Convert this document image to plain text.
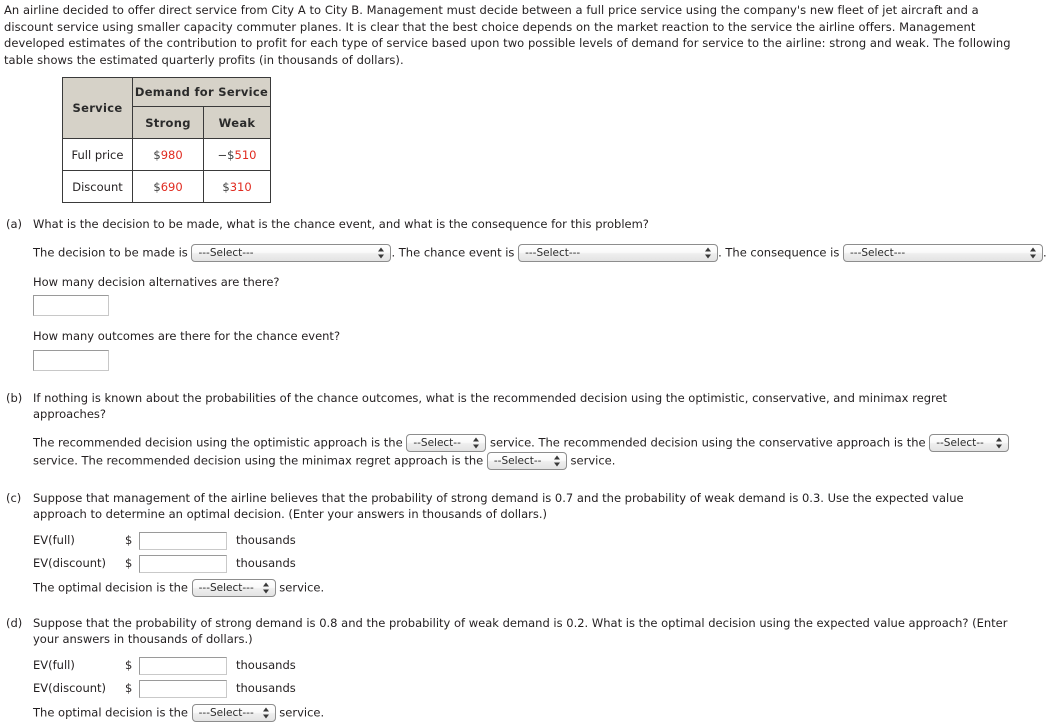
An airline decided to offer direct service from City A to City B. Management must decide between a full price service using the company's new fleet of jet aircraft and a discount service using smaller capacity commuter planes. It is clear that the best choice depends on the market reaction to the service the airline offers. Management developed estimates of the contribution to profit for each type of service based upon two possible levels of demand for service to the airline: strong and weak. The following table shows the estimated quarterly profits (in thousands of dollars).
Service	Demand for Service	
	Strong	Weak
Full price	$980	−$510
Discount	$690	$310
(a) What is the decision to be made, what is the chance event, and what is the consequence for this problem?
The decision to be made is ---Select---	. The chance event is ---Select---	. The consequence is ---Select---	.
How many decision alternatives are there?
How many outcomes are there for the chance event?
(b) If nothing is known about the probabilities of the chance outcomes, what is the recommended decision using the optimistic, conservative, and minimax regret approaches?
The recommended decision using the optimistic approach is the --Select--	service. The recommended decision using the conservative approach is the --Select--
service. The recommended decision using the minimax regret approach is the --Select--	service.
(c) Suppose that management of the airline believes that the probability of strong demand is 0.7 and the probability of weak demand is 0.3. Use the expected value approach to determine an optimal decision. (Enter your answers in thousands of dollars.)
EV(full)	$	thousands
EV(discount) $	thousands
The optimal decision is the ---Select--- service.
(d) Suppose that the probability of strong demand is 0.8 and the probability of weak demand is 0.2. What is the optimal decision using the expected value approach? (Enter your answers in thousands of dollars.)
EV(full)	$	thousands
EV(discount) $	thousands
The optimal decision is the ---Select--- service.
